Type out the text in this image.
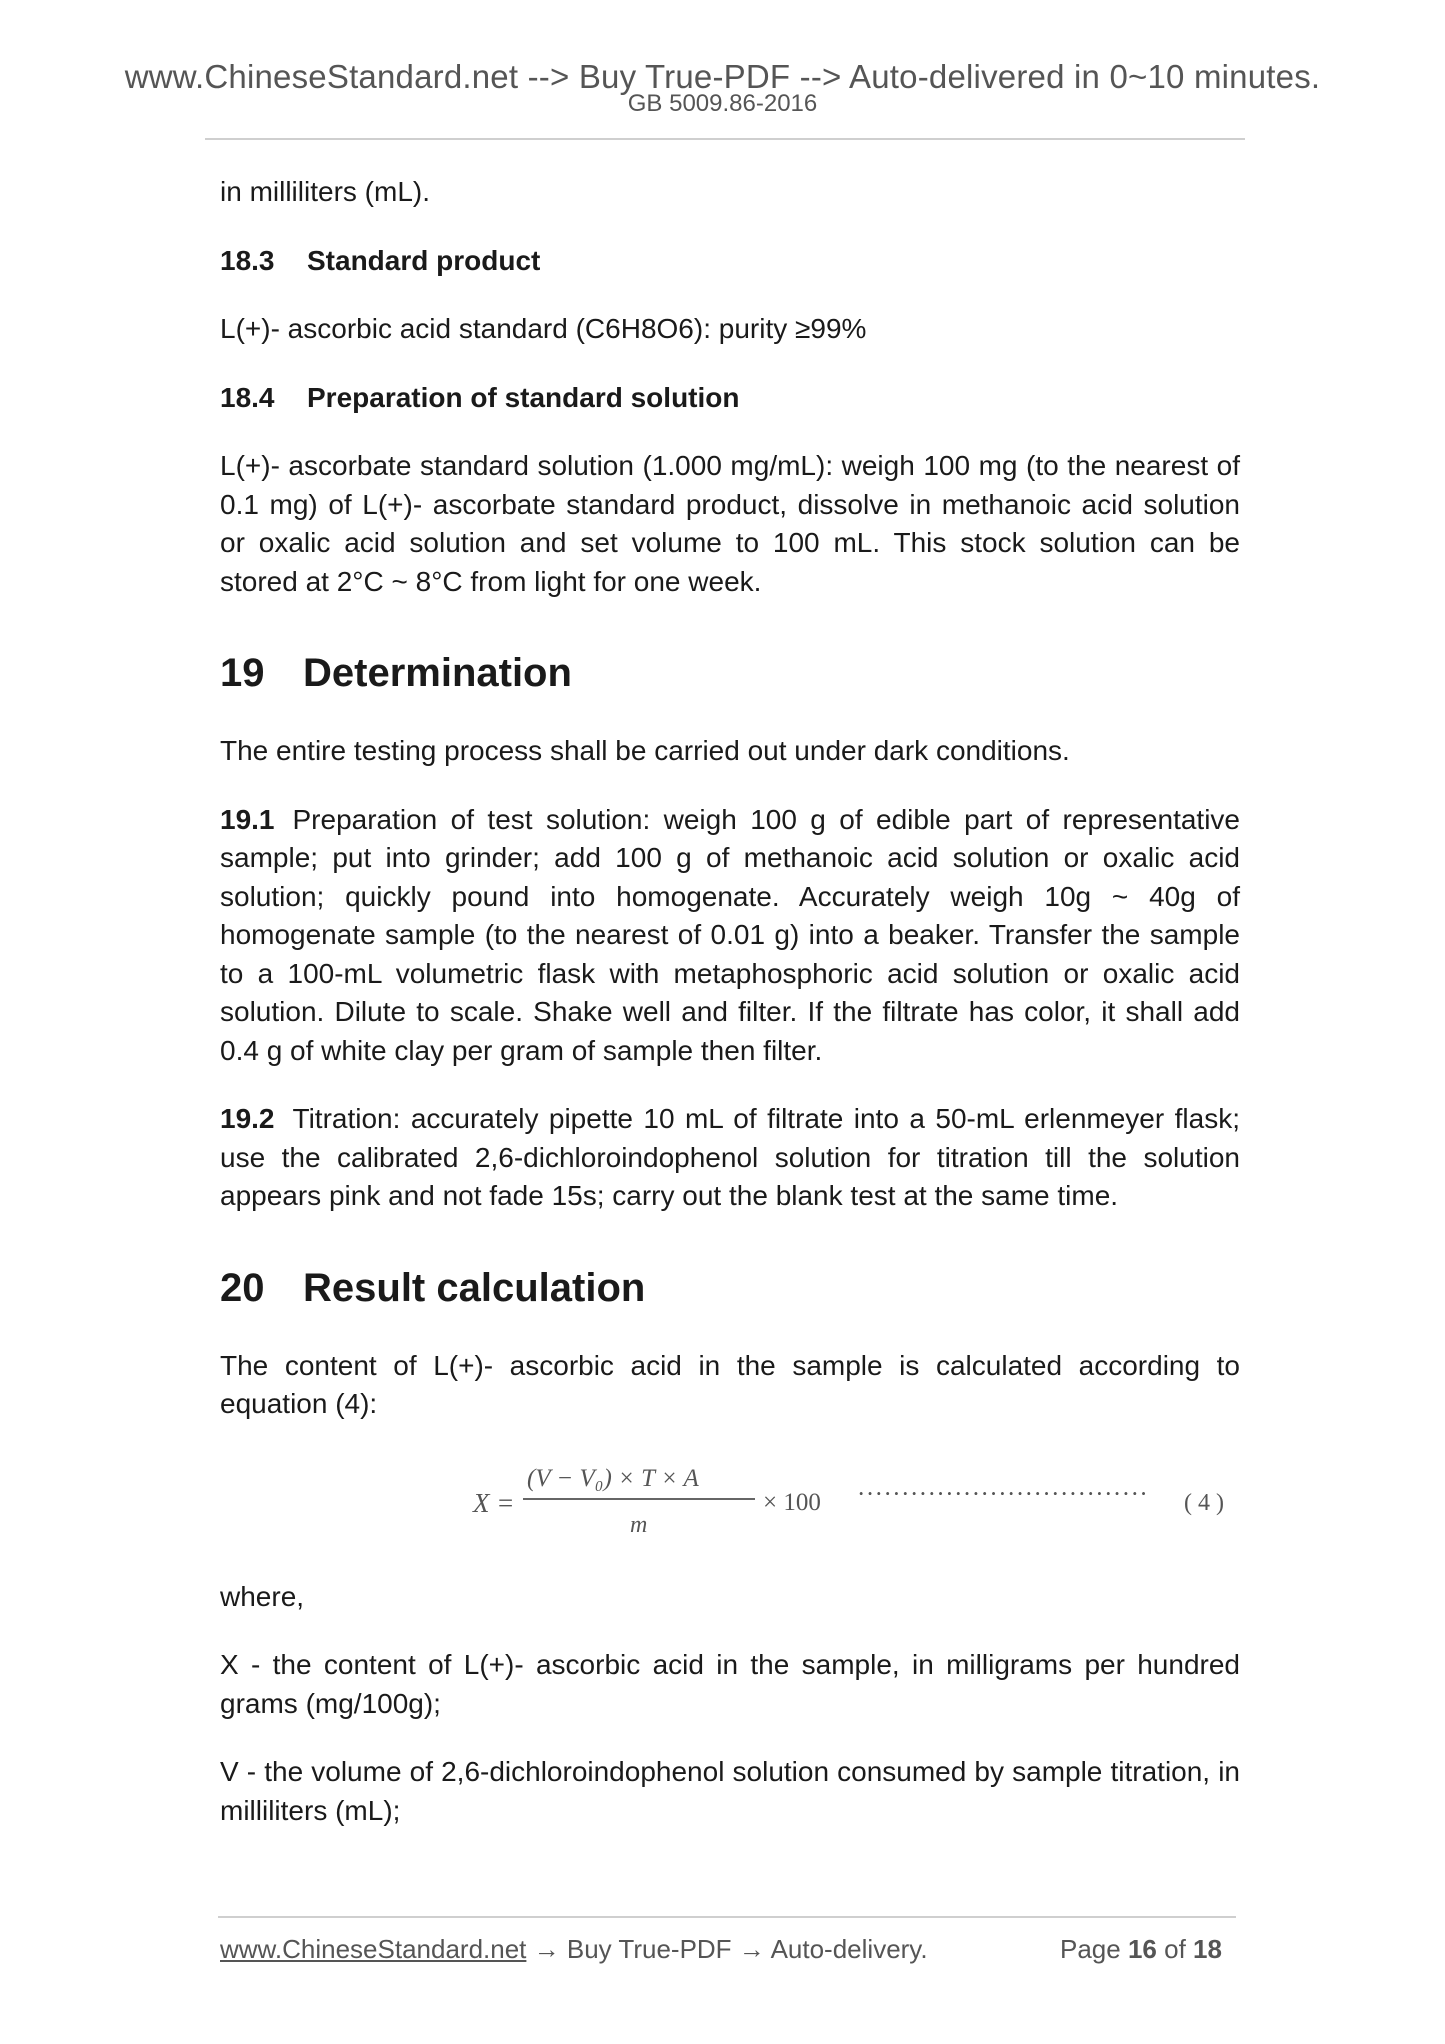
www.ChineseStandard.net --> Buy True-PDF --> Auto-delivered in 0~10 minutes.
GB 5009.86-2016

in milliliters (mL).

18.3 Standard product

L(+)- ascorbic acid standard (C6H8O6): purity ≥99%

18.4 Preparation of standard solution

L(+)- ascorbate standard solution (1.000 mg/mL): weigh 100 mg (to the nearest of 0.1 mg) of L(+)- ascorbate standard product, dissolve in methanoic acid solution or oxalic acid solution and set volume to 100 mL. This stock solution can be stored at 2°C ~ 8°C from light for one week.

19 Determination

The entire testing process shall be carried out under dark conditions.

19.1 Preparation of test solution: weigh 100 g of edible part of representative sample; put into grinder; add 100 g of methanoic acid solution or oxalic acid solution; quickly pound into homogenate. Accurately weigh 10g ~ 40g of homogenate sample (to the nearest of 0.01 g) into a beaker. Transfer the sample to a 100-mL volumetric flask with metaphosphoric acid solution or oxalic acid solution. Dilute to scale. Shake well and filter. If the filtrate has color, it shall add 0.4 g of white clay per gram of sample then filter.

19.2 Titration: accurately pipette 10 mL of filtrate into a 50-mL erlenmeyer flask; use the calibrated 2,6-dichloroindophenol solution for titration till the solution appears pink and not fade 15s; carry out the blank test at the same time.

20 Result calculation

The content of L(+)- ascorbic acid in the sample is calculated according to equation (4):

X =
(V − V₀) × T × A
m
× 100 ································· ( 4 )

where,

X - the content of L(+)- ascorbic acid in the sample, in milligrams per hundred grams (mg/100g);

V - the volume of 2,6-dichloroindophenol solution consumed by sample titration, in milliliters (mL);

www.ChineseStandard.net → Buy True-PDF → Auto-delivery.	Page 16 of 18
